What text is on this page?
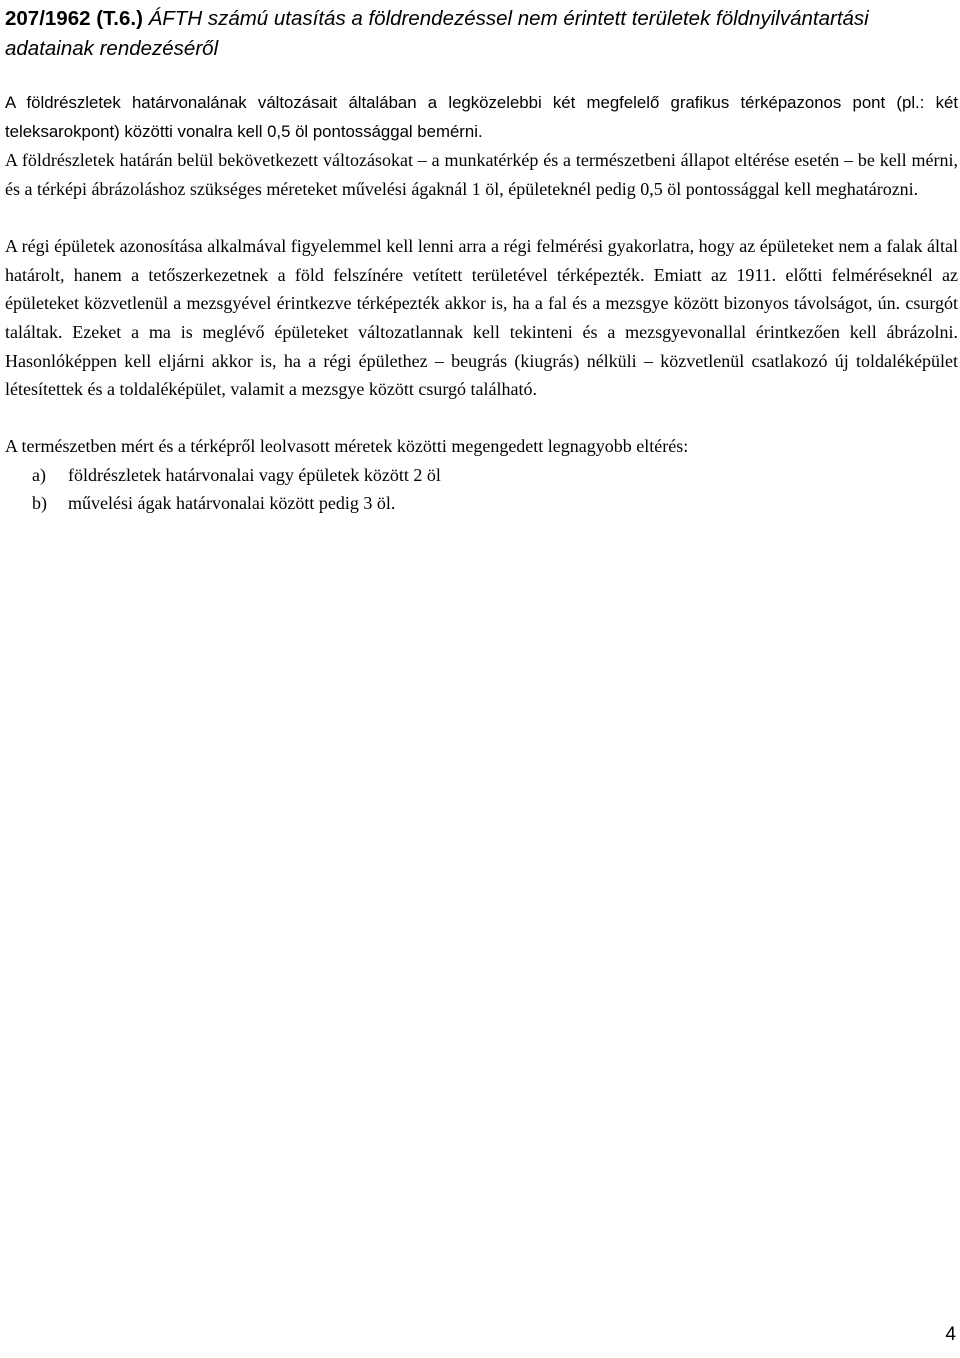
207/1962 (T.6.) ÁFTH számú utasítás a földrendezéssel nem érintett területek földnyilvántartási adatainak rendezéséről

A földrészletek határvonalának változásait általában a legközelebbi két megfelelő grafikus térképazonos pont (pl.: két teleksarokpont) közötti vonalra kell 0,5 öl pontossággal bemérni.

A földrészletek határán belül bekövetkezett változásokat – a munkatérkép és a természetbeni állapot eltérése esetén – be kell mérni, és a térképi ábrázoláshoz szükséges méreteket művelési ágaknál 1 öl, épületeknél pedig 0,5 öl pontossággal kell meghatározni.

A régi épületek azonosítása alkalmával figyelemmel kell lenni arra a régi felmérési gyakorlatra, hogy az épületeket nem a falak által határolt, hanem a tetőszerkezetnek a föld felszínére vetített területével térképezték. Emiatt az 1911. előtti felméréseknél az épületeket közvetlenül a mezsgyével érintkezve térképezték akkor is, ha a fal és a mezsgye között bizonyos távolságot, ún. csurgót találtak. Ezeket a ma is meglévő épületeket változatlannak kell tekinteni és a mezsgyevonallal érintkezően kell ábrázolni. Hasonlóképpen kell eljárni akkor is, ha a régi épülethez – beugrás (kiugrás) nélküli – közvetlenül csatlakozó új toldaléképület létesítettek és a toldaléképület, valamit a mezsgye között csurgó található.

A természetben mért és a térképről leolvasott méretek közötti megengedett legnagyobb eltérés:

a)	földrészletek határvonalai vagy épületek között 2 öl
b)	művelési ágak határvonalai között pedig 3 öl.
4
